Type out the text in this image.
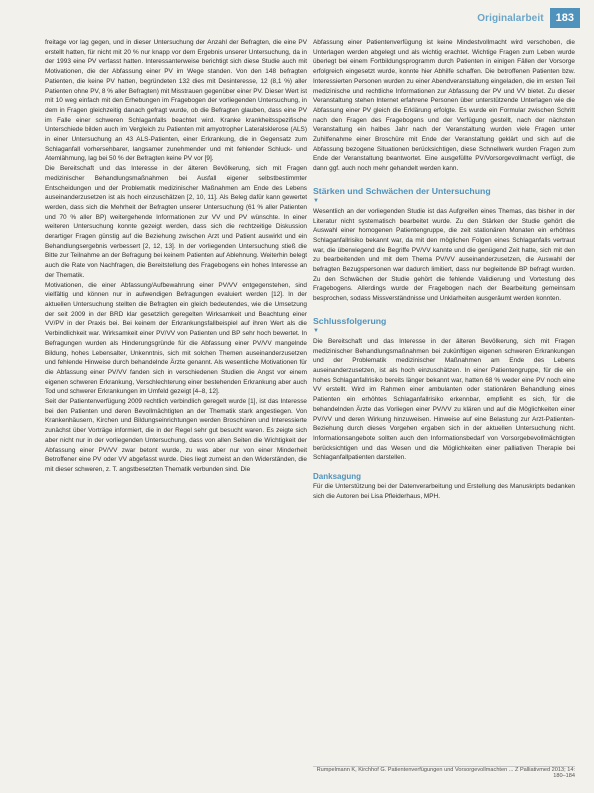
Originalarbeit	183

freitage vor lag gegen, und in dieser Untersuchung der Anzahl der Befragten, die eine PV erstellt hatten, für nicht mit 20 % nur knapp vor dem Ergebnis unserer Untersuchung, da in der 1993 eine PV verfasst hatten. Interessanterweise berichtigt sich diese Studie auch mit Motivationen, die der Abfassung einer PV im Wege standen. Von den 148 befragten Patienten, die keine PV hatten, begründeten 132 dies mit Desinteresse, 12 (8,1 %) aller Patienten ohne PV, 8 % aller Befragten) mit Misstrauen gegenüber einer PV. Dieser Wert ist mit 10 weg einfach mit den Erhebungen im Fragebogen der vorliegenden Untersuchung, in dem in Fragen gleichzeitig danach gefragt wurde, ob die Befragten glauben, dass eine PV im Falle einer schweren Schlaganfalls beachtet wird. Kranke krankheitsspezifische Unterschiede bilden auch im Vergleich zu Patienten mit amyotropher Lateralsklerose (ALS) in einer Untersuchung an 43 ALS-Patienten, einer Erkrankung, die in Gegensatz zum Schlaganfall vorhersehbarer, langsamer zunehmender und mit fehlender Schluck- und Atemlähmung, lag bei 50 % der Befragten keine PV vor [9].

Die Bereitschaft und das Interesse in der älteren Bevölkerung, sich mit Fragen medizinischer Behandlungsmaßnahmen bei Ausfall eigener selbstbestimmter Entscheidungen und der Problematik medizinischer Maßnahmen am Ende des Lebens auseinanderzusetzen ist als hoch einzuschätzen [2, 10, 11]. Als Beleg dafür kann gewertet werden, dass sich die Mehrheit der Befragten unserer Untersuchung (61 % aller Patienten und 70 % aller BP) weitergehende Informationen zur VV und PV wünschte. In einer weiteren Untersuchung konnte gezeigt werden, dass sich die rechtzeitige Diskussion derartiger Fragen günstig auf die Beziehung zwischen Arzt und Patient auswirkt und ein Behandlungsergebnis verbessert [2, 12, 13]. In der vorliegenden Untersuchung stieß die Bitte zur Teilnahme an der Befragung bei keinem Patienten auf Ablehnung. Weiterhin belegt auch die Rate von Nachfragen, die Bereitstellung des Fragebogens ein hohes Interesse an der Thematik.

Motivationen, die einer Abfassung/Aufbewahrung einer PV/VV entgegenstehen, sind vielfältig und können nur in aufwendigen Befragungen evaluiert werden [12]. In der aktuellen Untersuchung stellten die Befragten ein gleich bedeutendes, wie die Umsetzung der seit 2009 in der BRD klar gesetzlich geregelten Wirksamkeit und Beachtung einer VV/PV in der Praxis bei. Bei keinem der Erkrankungsfallbeispiel auf ihren Wert als die Verbindlichkeit war. Wirksamkeit einer PV/VV von Patienten und BP sehr hoch bewertet. In Befragungen wurden als Hinderungsgründe für die Abfassung einer PV/VV mangelnde Bildung, hohes Lebensalter, Unkenntnis, sich mit solchen Themen auseinanderzusetzen und fehlende Hinweise durch behandelnde Ärzte genannt. Als wesentliche Motivationen für die Abfassung einer PV/VV fanden sich in verschiedenen Studien die Angst vor einem eigenen schweren Erkrankung, Verschlechterung einer bestehenden Erkrankung aber auch Tod und schwerer Erkrankungen im Umfeld gezeigt [4–8, 12].

Seit der Patientenverfügung 2009 rechtlich verbindlich geregelt wurde [1], ist das Interesse bei den Patienten und deren Bevollmächtigten an der Thematik stark angestiegen. Von Krankenhäusern, Kirchen und Bildungseinrichtungen werden Broschüren und Interessierte zunächst über Vorträge informiert, die in der Regel sehr gut besucht waren. Es zeigte sich aber nicht nur in der vorliegenden Untersuchung, dass von allen Seiten die Wichtigkeit der Abfassung einer PV/VV zwar betont wurde, zu was aber nur von einer Minderheit Betroffener eine PV oder VV abgefasst wurde. Dies liegt zumeist an den Widerständen, die mit dieser schweren, z. T. angstbesetzten Thematik verbunden sind. Die

Abfassung einer Patientenverfügung ist keine Mindestvollmacht wird verschoben, die Unterlagen werden abgelegt und als wichtig erachtet. Wichtige Fragen zum Leben wurde überlegt bei einem Fortbildungsprogramm durch Patienten in einigen Fällen der Vorsorge erfolgreich eingesetzt wurde, konnte hier Abhilfe schaffen. Die betroffenen Patienten bzw. Interessierten Personen wurden zu einer Abendveranstaltung eingeladen, die im ersten Teil medizinische und rechtliche Informationen zur Abfassung der PV und VV bietet. Zu dieser Veranstaltung stehen Internet erfahrene Personen über unterstützende Unterlagen wie die Abfassung einer PV gleich die Erklärung erfolgte. Es wurde ein Formular zwischen Schritt nach den Fragen des Fragebogens und der Verfügung gestellt, nach der nächsten Veranstaltung ein halbes Jahr nach der Veranstaltung wurden viele Fragen unter Zuhilfenahme einer Broschüre mit Ende der Veranstaltung geklärt und sich auf die Abfassung bezogene Situationen berücksichtigen, diese Schnellwerk wurden Fragen zum Ende der Veranstaltung beantwortet. Eine ausgefüllte PV/Vorsorgevollmacht verfügt, die dann ggf. auch noch mehr gehandelt werden kann.

Stärken und Schwächen der Untersuchung
▼

Wesentlich an der vorliegenden Studie ist das Aufgreifen eines Themas, das bisher in der Literatur nicht systematisch bearbeitet wurde. Zu den Stärken der Studie gehört die Auswahl einer homogenen Patientengruppe, die zeit stationären Monaten ein erhöhtes Schlaganfallrisiko bekannt war, da mit den möglichen Folgen eines Schlaganfalls vertraut war, die überwiegend die Begriffe PV/VV kannte und die genügend Zeit hatte, sich mit den zu bearbeitenden und mit dem Thema PV/VV auseinanderzusetzen, die Auswahl der befragten Bezugspersonen war dadurch limitiert, dass nur begleitende BP befragt wurden. Zu den Schwächen der Studie gehört die fehlende Validierung und Vortestung des Fragebogens. Allerdings wurde der Fragebogen nach der Bearbeitung gemeinsam besprochen, sodass Missverständnisse und Unklarheiten ausgeräumt werden konnten.

Schlussfolgerung
▼

Die Bereitschaft und das Interesse in der älteren Bevölkerung, sich mit Fragen medizinischer Behandlungsmaßnahmen bei zukünftigen eigenen schweren Erkrankungen und der Problematik medizinischer Maßnahmen am Ende des Lebens auseinanderzusetzen, ist als hoch einzuschätzen. In einer Patientengruppe, für die ein hohes Schlaganfallrisiko bereits länger bekannt war, hatten 68 % weder eine PV noch eine VV erstellt. Wird im Rahmen einer ambulanten oder stationären Behandlung eines Patienten ein erhöhtes Schlaganfallrisiko erkennbar, empfiehlt es sich, für die behandelnden Ärzte das Vorliegen einer PV/VV zu klären und auf die Möglichkeiten einer PV/VV und deren Wirkung hinzuweisen. Hinweise auf eine Belastung zur Arzt-Patienten-Beziehung durch dieses Vorgehen ergaben sich in der aktuellen Untersuchung nicht. Informationsangebote sollten auch den Informationsbedarf von Vorsorgebevollmächtigten berücksichtigen und das Wesen und die Möglichkeiten einer palliativen Therapie bei Schlaganfallpatienten darstellen.

Danksagung

Für die Unterstützung bei der Datenverarbeitung und Erstellung des Manuskripts bedanken sich die Autoren bei Lisa Pfleiderhaus, MPH.

Rumpelmann K, Kirchhof G. Patientenverfügungen und Vorsorgevollmachten ... Z Palliativmed 2013; 14: 180–184
